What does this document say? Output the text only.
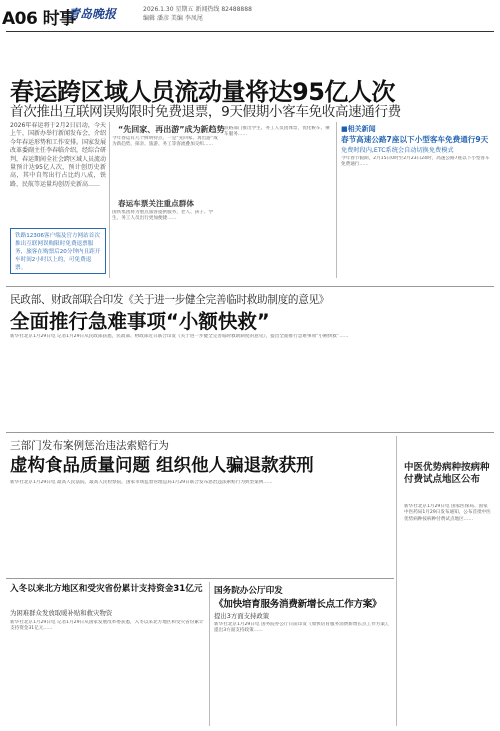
A06 时事
青岛晚报	2026.1.30 星期五 新闻热线 82488888
编辑 潘彦 美编 李凤尾
春运跨区域人员流动量将达95亿人次
首次推出互联网误购限时免费退票，9天假期小客车免收高速通行费
2026年春运将于2月2日启动，今天上午，国新办举行新闻发布会，介绍今年春运形势和工作安排。国家发展改革委副主任李春临介绍，经综合研判，春运期间全社会跨区域人员流动量预计达95亿人次，预计创历史新高，其中自驾出行占比约八成，铁路、民航等运量均创历史新高……
铁路12306客户端及官方网站首次推出互联网误购限时免费退票服务，旅客在购票后20分钟内且距开车时间2小时以上的，可免费退票。
“先回家、再出游”成为新趋势
今年春运有几个鲜明特点，一是“先回家、再出游”成为新趋势，探亲、旅游、务工等客流叠加交织……
春运车票关注重点群体
国铁集团将为重点旅客提供服务，老人、孩子、学生、务工人员出行更加便捷……
铁路部门推出学生、务工人员团体票，优化候车、乘车服务……
■相关新闻
春节高速公路7座以下小型客车免费通行9天
免费时段内,ETC系统会自动切换免费模式
今年春节假期，2月15日0时至2月23日24时，高速公路7座以下小型客车免费通行……
民政部、财政部联合印发《关于进一步健全完善临时救助制度的意见》
全面推行急难事项“小额快救”
新华社北京1月29日电 记者1月29日从民政部获悉，民政部、财政部近日联合印发《关于进一步健全完善临时救助制度的意见》，提出全面推行急难事项“小额快救”……
三部门发布案例惩治违法索赔行为
虚构食品质量问题 组织他人骗退款获刑
新华社北京1月29日电 最高人民法院、最高人民检察院、国家市场监督管理总局1月29日联合发布惩治违法索赔行为典型案例……
中医优势病种按病种付费试点地区公布
新华社北京1月29日电 国家医保局、国家中医药局1月29日发布通知，公布首批中医优势病种按病种付费试点地区……
入冬以来北方地区和受灾省份累计支持资金31亿元
为困难群众发放取暖补贴和救灾物资
新华社北京1月29日电 记者1月29日从国家发展改革委获悉，入冬以来北方地区和受灾省份累计支持资金31亿元……
国务院办公厅印发
《加快培育服务消费新增长点工作方案》
提出3方面支持政策
新华社北京1月29日电 国务院办公厅日前印发《加快培育服务消费新增长点工作方案》，提出3方面支持政策……
